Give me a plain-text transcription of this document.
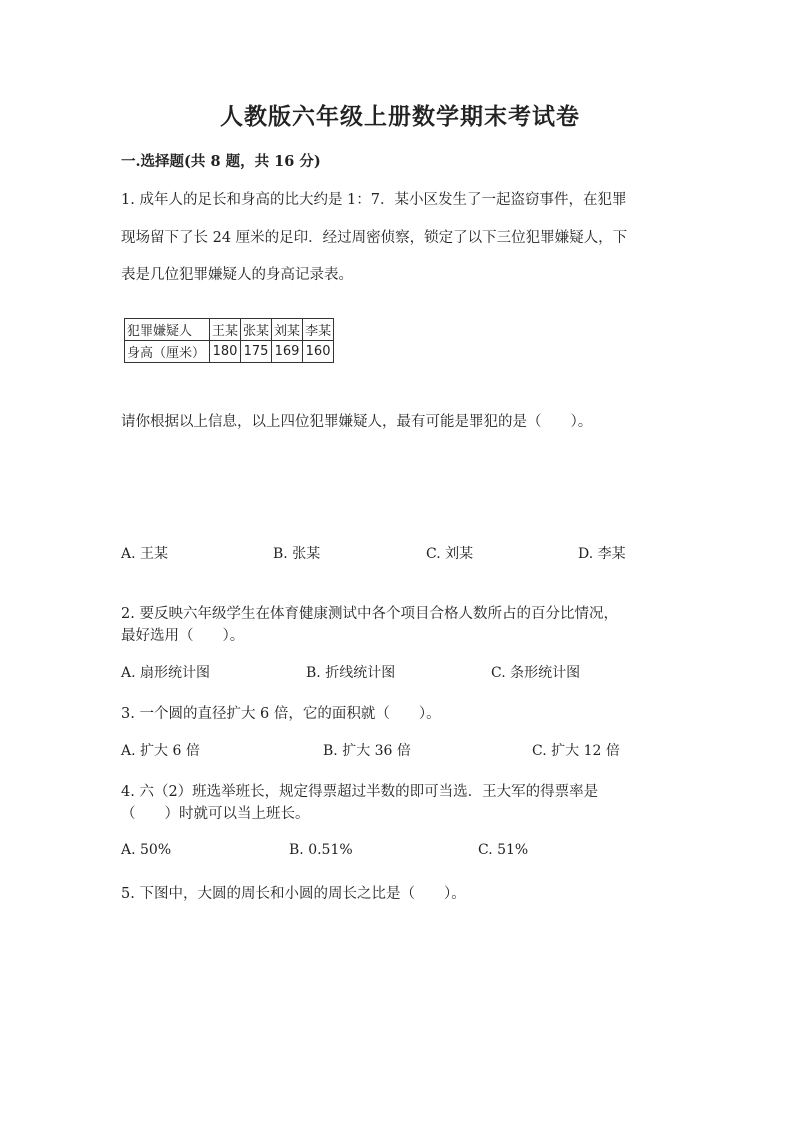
人教版六年级上册数学期末考试卷
一.选择题(共 8 题，共 16 分)
1. 成年人的足长和身高的比大约是 1：7．某小区发生了一起盗窃事件，在犯罪
现场留下了长 24 厘米的足印．经过周密侦察，锁定了以下三位犯罪嫌疑人，下
表是几位犯罪嫌疑人的身高记录表。
犯罪嫌疑人	王某	张某	刘某	李某
身高（厘米）	180	175	169	160
请你根据以上信息，以上四位犯罪嫌疑人，最有可能是罪犯的是（　　）。
A. 王某	B. 张某	C. 刘某	D. 李某
2. 要反映六年级学生在体育健康测试中各个项目合格人数所占的百分比情况，
最好选用（　　）。
A. 扇形统计图	B. 折线统计图	C. 条形统计图
3. 一个圆的直径扩大 6 倍，它的面积就（　　）。
A. 扩大 6 倍	B. 扩大 36 倍	C. 扩大 12 倍
4. 六（2）班选举班长，规定得票超过半数的即可当选．王大军的得票率是
（　　）时就可以当上班长。
A. 50%	B. 0.51%	C. 51%
5. 下图中，大圆的周长和小圆的周长之比是（　　）。
